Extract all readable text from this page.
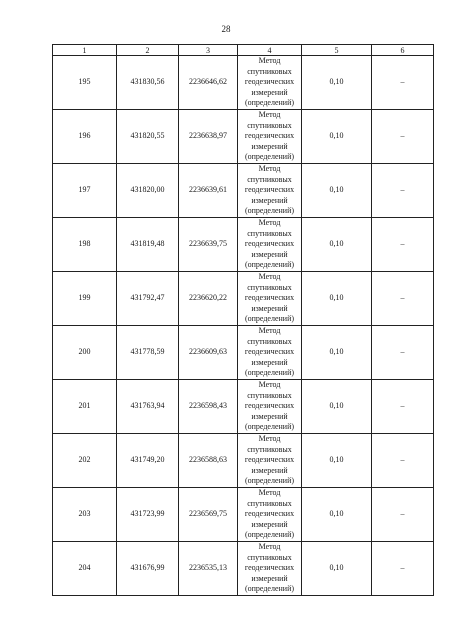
28
1	2	3	4	5	6
195	431830,56	2236646,62	Метод спутниковых геодезических измерений (определений)	0,10	–
196	431820,55	2236638,97	Метод спутниковых геодезических измерений (определений)	0,10	–
197	431820,00	2236639,61	Метод спутниковых геодезических измерений (определений)	0,10	–
198	431819,48	2236639,75	Метод спутниковых геодезических измерений (определений)	0,10	–
199	431792,47	2236620,22	Метод спутниковых геодезических измерений (определений)	0,10	–
200	431778,59	2236609,63	Метод спутниковых геодезических измерений (определений)	0,10	–
201	431763,94	2236598,43	Метод спутниковых геодезических измерений (определений)	0,10	–
202	431749,20	2236588,63	Метод спутниковых геодезических измерений (определений)	0,10	–
203	431723,99	2236569,75	Метод спутниковых геодезических измерений (определений)	0,10	–
204	431676,99	2236535,13	Метод спутниковых геодезических измерений (определений)	0,10	–
